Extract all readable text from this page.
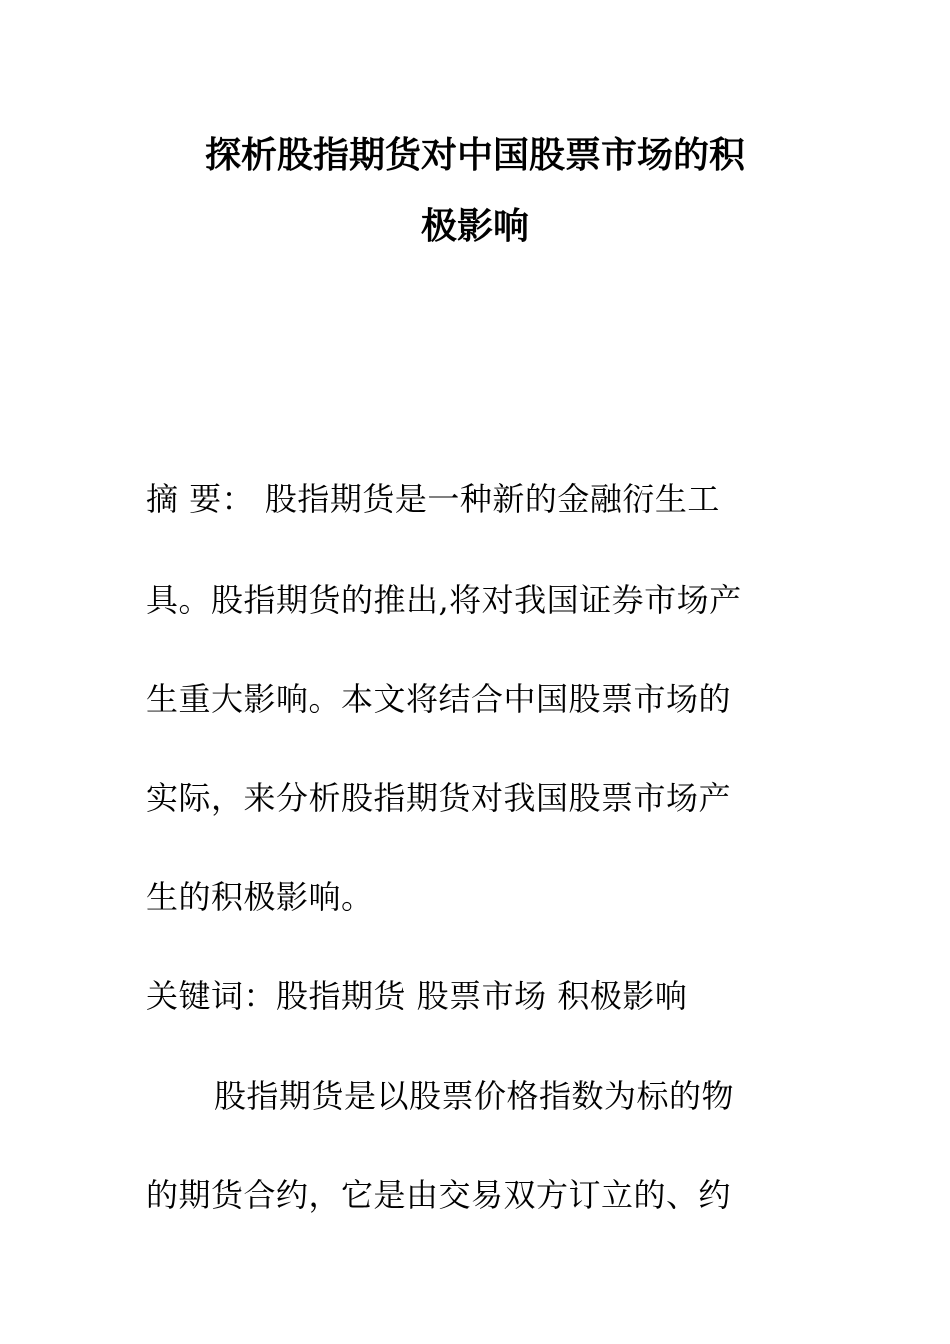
探析股指期货对中国股票市场的积
极影响
摘 要： 股指期货是一种新的金融衍生工
具。股指期货的推出,将对我国证券市场产
生重大影响。本文将结合中国股票市场的
实际，来分析股指期货对我国股票市场产
生的积极影响。
关键词：股指期货 股票市场 积极影响
股指期货是以股票价格指数为标的物
的期货合约，它是由交易双方订立的、约
